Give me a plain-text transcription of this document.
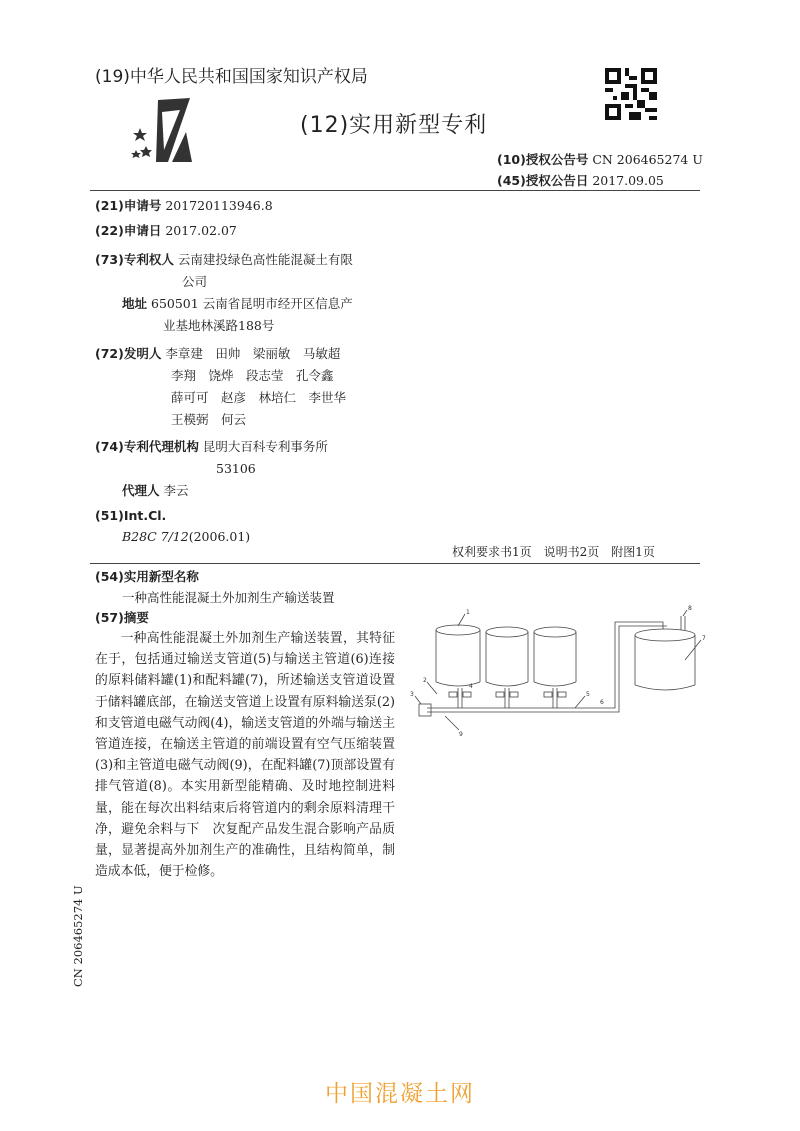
(19)中华人民共和国国家知识产权局
(12)实用新型专利
(10)授权公告号 CN 206465274 U
(45)授权公告日 2017.09.05
(21)申请号 201720113946.8
(22)申请日 2017.02.07
(73)专利权人 云南建投绿色高性能混凝土有限
公司
地址 650501 云南省昆明市经开区信息产
业基地林溪路188号
(72)发明人 李章建　田帅　梁丽敏　马敏超
李翔　饶烨　段志莹　孔令鑫
薛可可　赵彦　林培仁　李世华
王模弼　何云
(74)专利代理机构 昆明大百科专利事务所
53106
代理人 李云
(51)Int.Cl.
B28C 7/12(2006.01)
权利要求书1页　说明书2页　附图1页
(54)实用新型名称
一种高性能混凝土外加剂生产输送装置
(57)摘要

一种高性能混凝土外加剂生产输送装置，其特征在于，包括通过输送支管道(5)与输送主管道(6)连接的原料储料罐(1)和配料罐(7)，所述输送支管道设置于储料罐底部，在输送支管道上设置有原料输送泵(2)和支管道电磁气动阀(4)，输送支管道的外端与输送主管道连接，在输送主管道的前端设置有空气压缩装置(3)和主管道电磁气动阀(9)，在配料罐(7)顶部设置有排气管道(8)。本实用新型能精确、及时地控制进料量，能在每次出料结束后将管道内的剩余原料清理干净，避免余料与下　次复配产品发生混合影响产品质量，显著提高外加剂生产的准确性，且结构简单，制造成本低，便于检修。

1
2
3
4
5
6
7
8
9
CN 206465274 U
中国混凝土网
